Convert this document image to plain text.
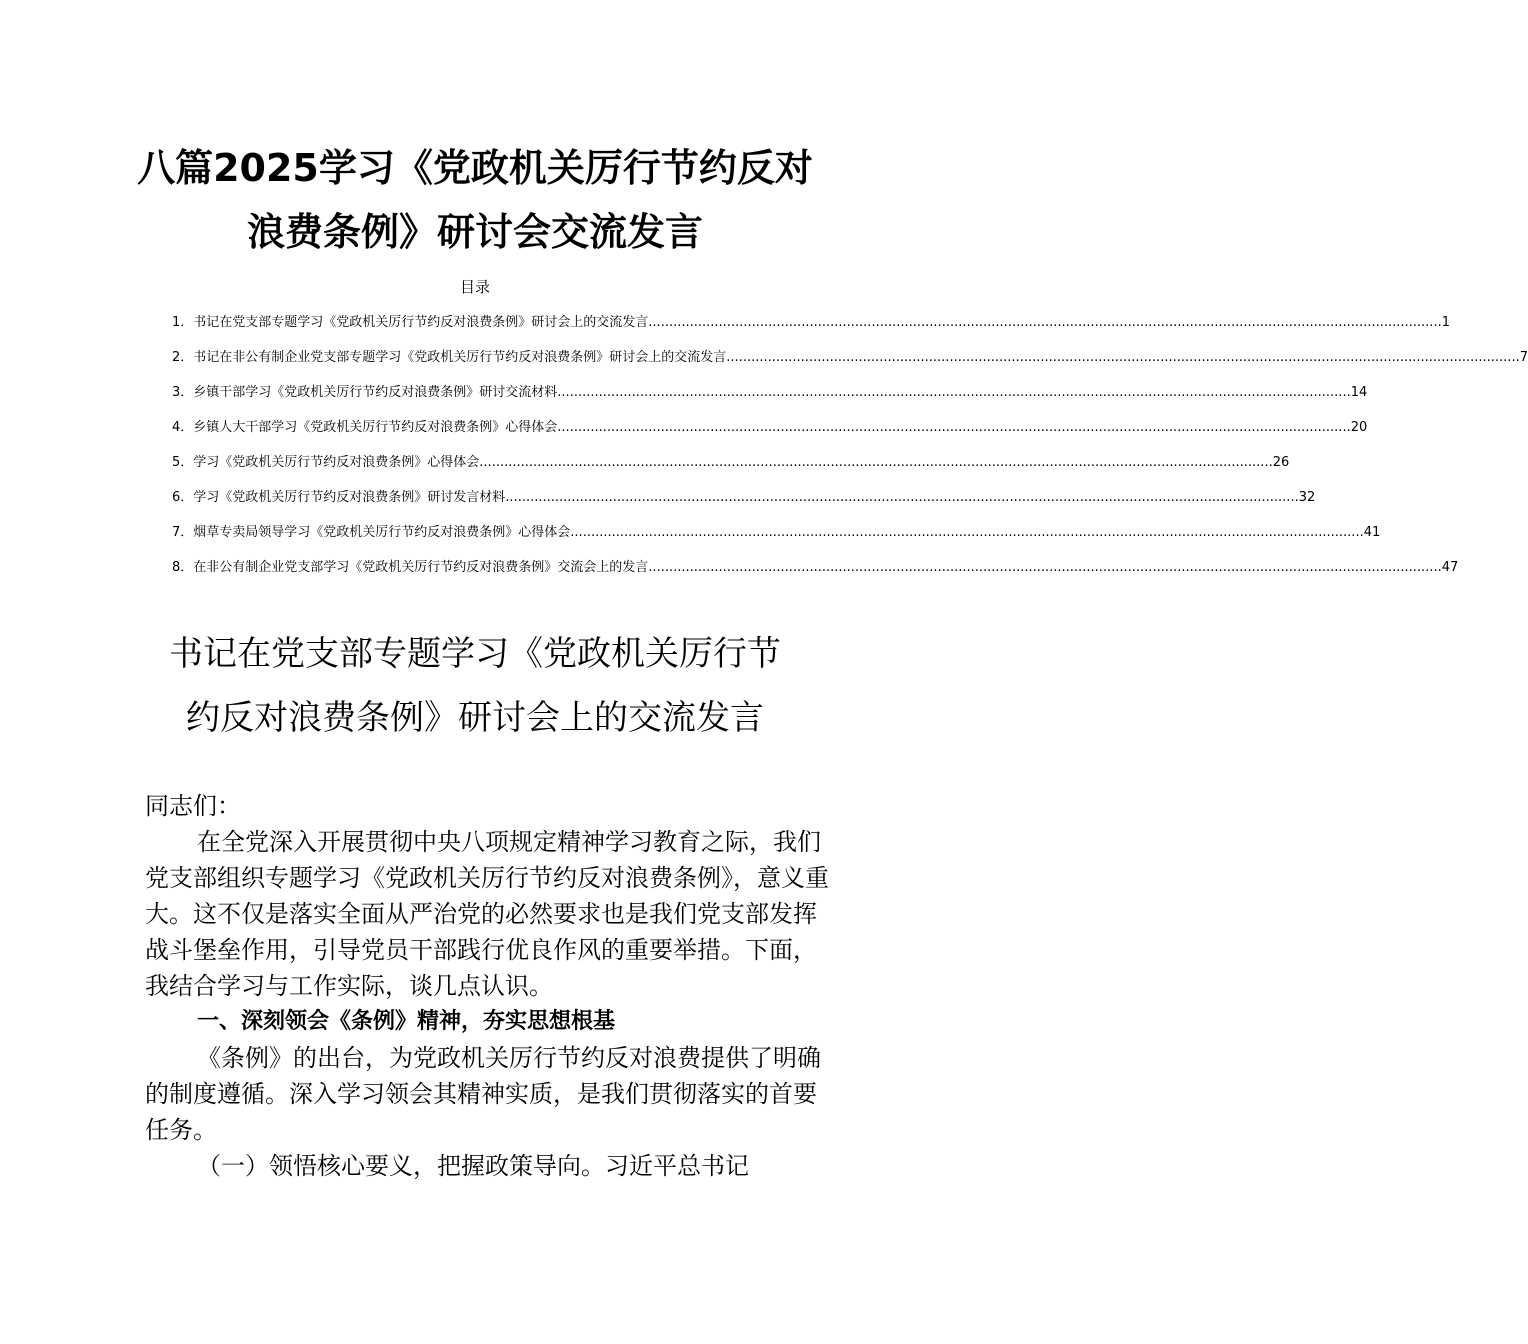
八篇2025学习《党政机关厉行节约反对
浪费条例》研讨会交流发言
目录
1． 书记在党支部专题学习《党政机关厉行节约反对浪费条例》研讨会上的交流发言 .....	1
2． 书记在非公有制企业党支部专题学习《党政机关厉行节约反对浪费条例》研讨会上的交流发言 .....	7
3． 乡镇干部学习《党政机关厉行节约反对浪费条例》研讨交流材料 .....	14
4． 乡镇人大干部学习《党政机关厉行节约反对浪费条例》心得体会 .....	20
5． 学习《党政机关厉行节约反对浪费条例》心得体会 .....	26
6． 学习《党政机关厉行节约反对浪费条例》研讨发言材料 .....	32
7． 烟草专卖局领导学习《党政机关厉行节约反对浪费条例》心得体会 .....	41
8． 在非公有制企业党支部学习《党政机关厉行节约反对浪费条例》交流会上的发言 .....	47
书记在党支部专题学习《党政机关厉行节
约反对浪费条例》研讨会上的交流发言

同志们：

在全党深入开展贯彻中央八项规定精神学习教育之际，我们党支部组织专题学习《党政机关厉行节约反对浪费条例》，意义重大。这不仅是落实全面从严治党的必然要求也是我们党支部发挥战斗堡垒作用，引导党员干部践行优良作风的重要举措。下面，我结合学习与工作实际，谈几点认识。

一、深刻领会《条例》精神，夯实思想根基

《条例》的出台，为党政机关厉行节约反对浪费提供了明确的制度遵循。深入学习领会其精神实质，是我们贯彻落实的首要任务。

（一）领悟核心要义，把握政策导向。习近平总书记
